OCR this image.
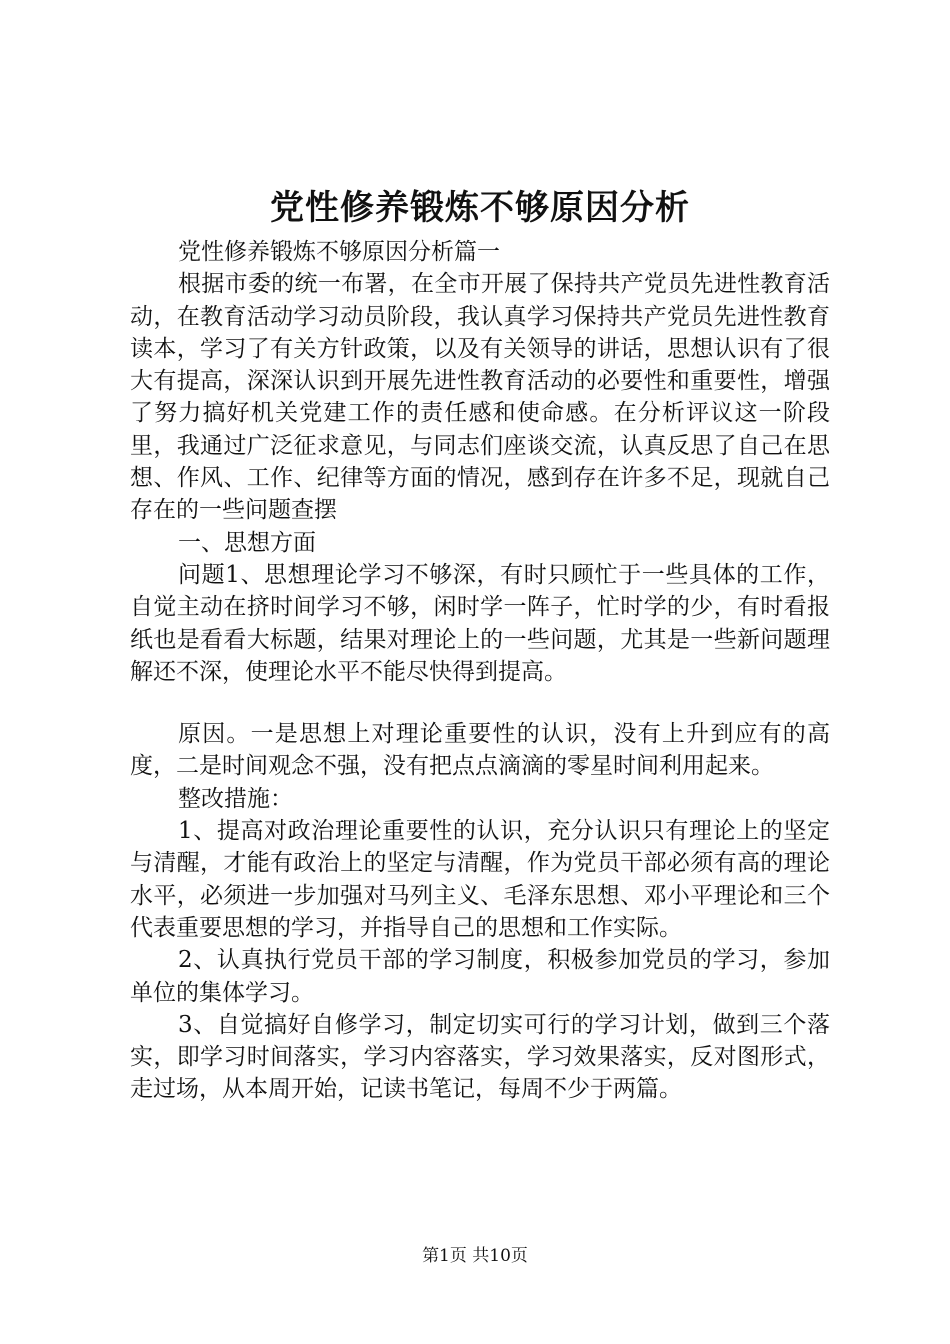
党性修养锻炼不够原因分析

党性修养锻炼不够原因分析篇一

根据市委的统一布署，在全市开展了保持共产党员先进性教育活动，在教育活动学习动员阶段，我认真学习保持共产党员先进性教育读本，学习了有关方针政策，以及有关领导的讲话，思想认识有了很大有提高，深深认识到开展先进性教育活动的必要性和重要性，增强了努力搞好机关党建工作的责任感和使命感。在分析评议这一阶段里，我通过广泛征求意见，与同志们座谈交流，认真反思了自己在思想、作风、工作、纪律等方面的情况，感到存在许多不足，现就自己存在的一些问题查摆

一、思想方面

问题1、思想理论学习不够深，有时只顾忙于一些具体的工作，自觉主动在挤时间学习不够，闲时学一阵子，忙时学的少，有时看报纸也是看看大标题，结果对理论上的一些问题，尤其是一些新问题理解还不深，使理论水平不能尽快得到提高。

原因。一是思想上对理论重要性的认识，没有上升到应有的高度，二是时间观念不强，没有把点点滴滴的零星时间利用起来。

整改措施：

1、提高对政治理论重要性的认识，充分认识只有理论上的坚定与清醒，才能有政治上的坚定与清醒，作为党员干部必须有高的理论水平，必须进一步加强对马列主义、毛泽东思想、邓小平理论和三个代表重要思想的学习，并指导自己的思想和工作实际。

2、认真执行党员干部的学习制度，积极参加党员的学习，参加单位的集体学习。

3、自觉搞好自修学习，制定切实可行的学习计划，做到三个落实，即学习时间落实，学习内容落实，学习效果落实，反对图形式，走过场，从本周开始，记读书笔记，每周不少于两篇。

第1页 共10页
